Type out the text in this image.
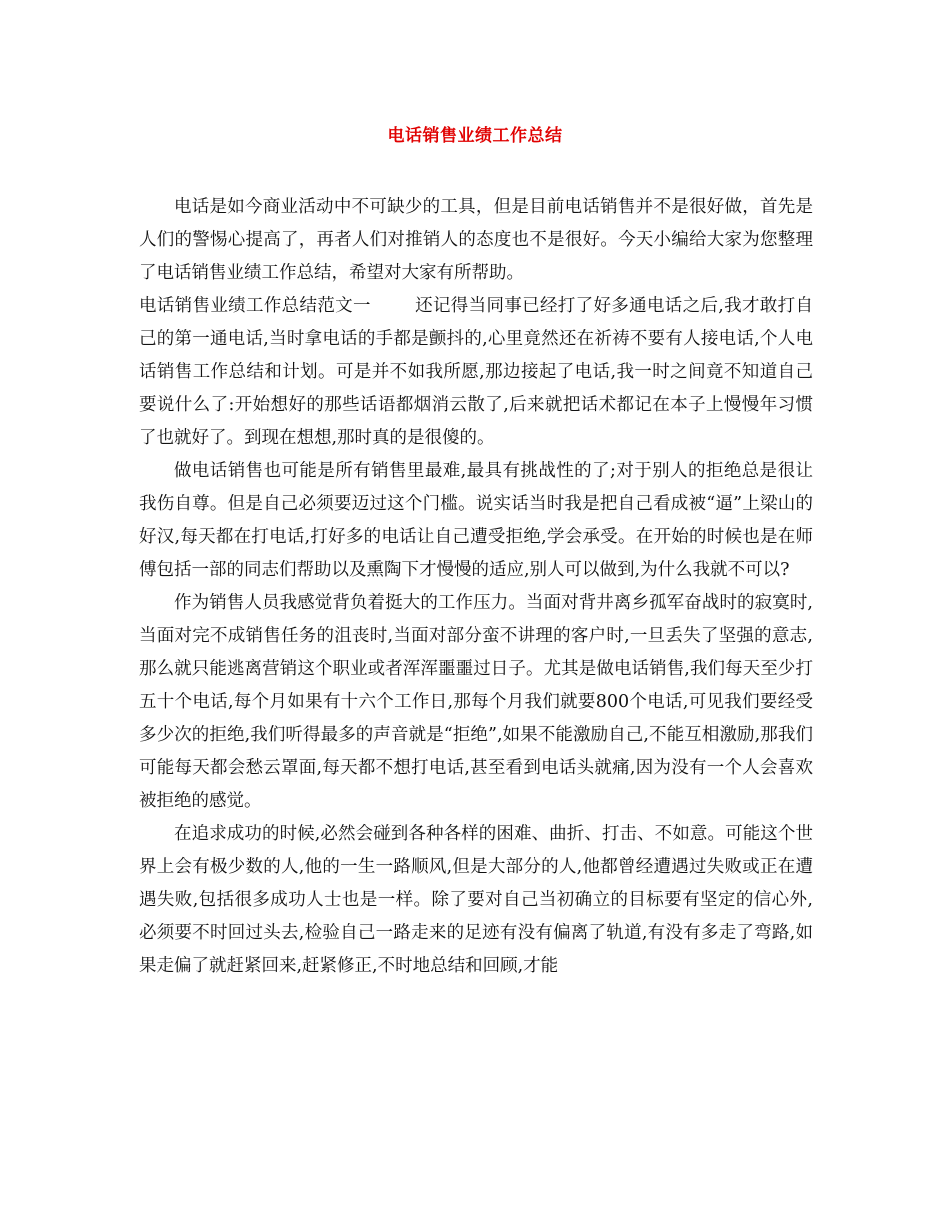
电话销售业绩工作总结

电话是如今商业活动中不可缺少的工具，但是目前电话销售并不是很好做，首先是人们的警惕心提高了，再者人们对推销人的态度也不是很好。今天小编给大家为您整理了电话销售业绩工作总结，希望对大家有所帮助。

电话销售业绩工作总结范文一	还记得当同事已经打了好多通电话之后,我才敢打自己的第一通电话,当时拿电话的手都是颤抖的,心里竟然还在祈祷不要有人接电话,个人电话销售工作总结和计划。可是并不如我所愿,那边接起了电话,我一时之间竟不知道自己要说什么了:开始想好的那些话语都烟消云散了,后来就把话术都记在本子上慢慢年习惯了也就好了。到现在想想,那时真的是很傻的。

做电话销售也可能是所有销售里最难,最具有挑战性的了;对于别人的拒绝总是很让我伤自尊。但是自己必须要迈过这个门槛。说实话当时我是把自己看成被“逼”上梁山的好汉,每天都在打电话,打好多的电话让自己遭受拒绝,学会承受。在开始的时候也是在师傅包括一部的同志们帮助以及熏陶下才慢慢的适应,别人可以做到,为什么我就不可以?

作为销售人员我感觉背负着挺大的工作压力。当面对背井离乡孤军奋战时的寂寞时,当面对完不成销售任务的沮丧时,当面对部分蛮不讲理的客户时,一旦丢失了坚强的意志,那么就只能逃离营销这个职业或者浑浑噩噩过日子。尤其是做电话销售,我们每天至少打五十个电话,每个月如果有十六个工作日,那每个月我们就要800个电话,可见我们要经受多少次的拒绝,我们听得最多的声音就是“拒绝”,如果不能激励自己,不能互相激励,那我们可能每天都会愁云罩面,每天都不想打电话,甚至看到电话头就痛,因为没有一个人会喜欢被拒绝的感觉。

在追求成功的时候,必然会碰到各种各样的困难、曲折、打击、不如意。可能这个世界上会有极少数的人,他的一生一路顺风,但是大部分的人,他都曾经遭遇过失败或正在遭遇失败,包括很多成功人士也是一样。除了要对自己当初确立的目标要有坚定的信心外,必须要不时回过头去,检验自己一路走来的足迹有没有偏离了轨道,有没有多走了弯路,如果走偏了就赶紧回来,赶紧修正,不时地总结和回顾,才能
